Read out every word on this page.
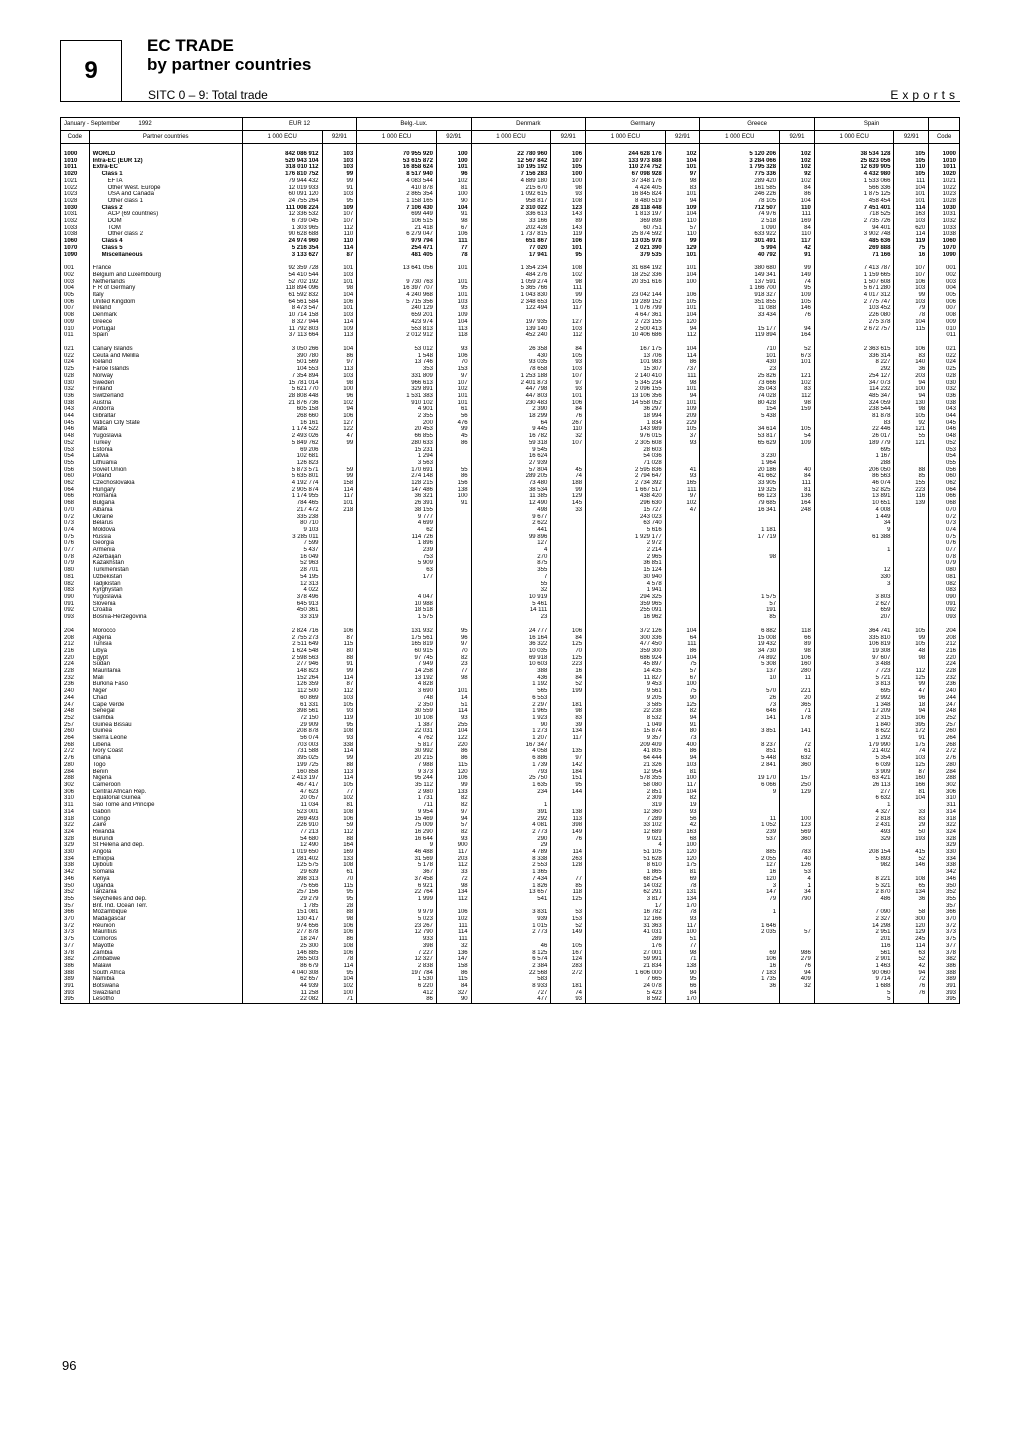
9
EC TRADE
by partner countries
SITC 0 – 9: Total trade	Exports
January - September 1992		EUR 12		Belg.-Lux.		Denmark		Germany		Greece		Spain		
Code	Partner countries	1 000 ECU	92/91	1 000 ECU	92/91	1 000 ECU	92/91	1 000 ECU	92/91	1 000 ECU	92/91	1 000 ECU	92/91	Code

1000	WORLD	842 086 912	103	70 955 920	100	22 780 960	106	244 628 176	102	5 120 206	102	38 534 128	105	1000
1010	Intra-EC (EUR 12)	520 943 104	103	53 615 872	100	12 567 842	107	133 973 888	104	3 284 066	102	25 823 056	105	1010
1011	Extra-EC	318 010 112	103	16 858 624	101	10 195 192	105	110 274 752	101	1 795 328	102	12 639 905	110	1011
1020	Class 1	176 810 752	99	8 517 940	96	7 156 283	100	67 098 928	97	775 336	92	4 432 980	105	1020
1021	EFTA	79 944 432	99	4 083 544	102	4 889 180	100	37 348 176	98	289 420	102	1 533 066	111	1021
1022	Other West. Europe	12 019 933	91	410 878	81	215 670	98	4 424 405	83	161 585	84	566 336	104	1022
1023	USA and Canada	60 091 120	103	2 865 354	100	1 092 615	93	16 845 824	101	246 226	86	1 875 125	101	1023
1028	Other class 1	24 755 264	95	1 158 165	90	958 817	108	8 480 519	94	78 105	104	458 454	101	1028
1030	Class 2	111 008 224	109	7 106 430	104	2 310 022	123	28 118 448	109	712 507	110	7 451 401	114	1030
1031	ACP (69 countries)	12 336 532	107	699 449	91	336 613	143	1 813 197	104	74 976	111	718 525	163	1031
1032	DOM	6 739 045	107	106 515	98	33 166	89	369 898	110	2 518	169	2 735 726	103	1032
1033	TOM	1 303 965	112	21 418	67	202 428	143	60 751	57	1 090	84	94 401	620	1033
1038	Other class 2	90 628 688	110	6 279 047	106	1 737 815	119	25 874 592	110	633 922	110	3 902 748	114	1038
1060	Class 4	24 974 960	110	979 794	111	651 867	106	13 035 978	99	301 491	117	485 636	119	1060
1070	Class 5	5 216 354	114	254 471	77	77 020	101	2 021 390	129	5 994	42	269 888	75	1070
1090	Miscellaneous	3 133 627	87	481 405	78	17 941	95	379 535	101	40 792	91	71 166	16	1090

001	France	92 359 728	101	13 641 056	101	1 354 234	108	31 684 192	101	380 680	99	7 413 787	107	001
002	Belgium and Luxembourg	54 410 544	103			484 276	102	18 252 336	104	149 341	149	1 159 665	107	002
003	Netherlands	52 702 192	101	9 730 763	101	1 059 274	98	20 351 616	100	137 591	74	1 507 608	106	003
004	F R of Germany	118 894 096	98	16 397 707	95	5 365 766	111			1 166 700	95	5 671 280	103	004
005	Italy	61 592 832	104	4 240 968	101	1 043 830	99	23 042 144	106	918 327	109	4 017 312	99	005
006	United Kingdom	64 561 584	106	5 715 356	103	2 348 653	105	19 289 152	105	351 855	105	2 775 747	103	006
007	Ireland	8 473 547	101	240 129	93	122 494	117	1 076 799	101	11 088	146	103 452	79	007
008	Denmark	10 714 158	103	659 201	109			4 647 361	104	33 434	76	226 080	78	008
009	Greece	8 327 944	114	423 974	104	197 935	127	2 723 155	120			275 378	104	009
010	Portugal	11 792 803	109	553 813	113	139 140	103	2 500 413	94	15 177	94	2 672 757	115	010
011	Spain	37 113 664	113	2 012 912	118	452 240	112	10 406 686	112	119 894	164			011

021	Canary Islands	3 050 266	104	53 012	93	26 358	84	167 175	104	710	52	2 363 615	106	021
022	Ceuta and Melilla	390 780	86	1 548	106	430	105	13 706	114	101	673	336 314	83	022
024	Iceland	501 569	97	13 746	70	93 035	93	101 983	86	430	101	8 227	140	024
025	Faroe Islands	104 553	113	353	153	78 658	103	15 307	737	23		292	36	025
028	Norway	7 354 894	103	331 809	97	1 253 188	107	2 140 410	111	25 826	121	254 127	203	028
030	Sweden	15 781 014	98	966 613	107	2 401 873	97	5 345 234	98	73 666	102	347 073	94	030
032	Finland	5 621 770	100	329 891	102	447 798	93	2 096 155	101	35 043	83	114 232	100	032
036	Switzerland	28 808 448	96	1 531 383	101	447 803	101	13 106 356	94	74 028	112	485 347	94	036
038	Austria	21 876 736	102	910 102	101	230 483	106	14 558 052	101	80 428	98	324 059	130	038
043	Andorra	605 158	94	4 901	61	2 390	84	36 297	109	154	159	238 544	98	043
044	Gibraltar	268 660	106	2 355	56	18 299	76	18 994	209	5 438		81 878	105	044
045	Vatican City State	16 161	127	200	476	64	267	1 834	229			83	92	045
046	Malta	1 174 522	122	20 453	99	9 445	110	143 989	105	34 614	105	22 446	121	046
048	Yugoslavia	2 493 026	47	66 855	45	16 782	32	976 015	37	53 817	54	26 017	55	048
052	Turkey	5 849 762	99	280 633	86	59 318	107	2 305 608	93	65 629	109	189 779	121	052
053	Estonia	69 206		15 231		9 545		28 603				695		053
054	Latvia	102 681		1 294		16 624		54 036		3 230		1 167		054
055	Lithuania	126 823		3 563		27 939		71 028		1 964		288		055
056	Soviet Union	5 873 571	59	170 691	55	57 804	45	2 595 836	41	20 186	40	206 050	88	056
060	Poland	5 635 801	99	274 148	86	289 205	74	2 794 647	93	41 662	84	86 563	85	060
062	Czechoslovakia	4 192 774	158	128 215	156	73 480	188	2 734 392	165	33 905	111	46 074	155	062
064	Hungary	2 905 874	114	147 486	138	38 534	99	1 667 517	111	19 325	81	52 825	223	064
066	Romania	1 174 955	117	36 321	100	11 385	129	438 420	97	66 123	136	13 891	116	066
068	Bulgaria	784 465	101	26 391	91	12 490	145	296 630	102	79 685	164	10 651	139	068
070	Albania	217 472	218	38 155		498	33	15 727	47	16 341	248	4 008		070
072	Ukraine	335 238		9 777		9 677		243 023				1 449		072
073	Belarus	80 710		4 699		2 622		63 740				34		073
074	Moldova	9 103		62		441		5 616		1 181		9		074
075	Russia	3 285 011		114 726		99 896		1 929 177		17 719		61 388		075
076	Georgia	7 599		1 896		127		2 972						076
077	Armenia	5 437		239		4		2 214				1		077
078	Azerbaijan	16 049		753		270		2 965		98				078
079	Kazakhstan	52 963		5 909		875		36 851						079
080	Turkmenistan	28 701		63		355		15 124				12		080
081	Uzbekistan	54 195		177		7		30 940				330		081
082	Tadjikistan	12 313				55		4 578				3		082
083	Kyrghystan	4 022				32		1 941						083
090	Yugoslavia	378 496		4 047		10 919		294 325		1 575		3 803		090
091	Slovenia	645 913		10 988		5 461		359 965		57		2 627		091
092	Croatia	450 361		18 518		14 111		255 091		191		659		092
093	Bosnia-Herzegovina	33 319		1 575		23		16 962		85		207		093

204	Morocco	2 824 716	106	131 932	95	24 777	106	372 126	104	6 882	118	364 741	105	204
208	Algeria	2 755 273	87	175 561	96	16 164	84	300 336	64	15 008	66	335 810	99	208
212	Tunisia	2 511 649	115	165 819	97	36 322	125	477 450	111	19 432	89	106 819	105	212
216	Libya	1 624 548	80	60 915	70	10 035	70	359 300	86	34 730	98	19 308	48	216
220	Egypt	2 598 563	88	97 745	82	69 918	125	686 924	104	74 892	106	97 607	98	220
224	Sudan	277 946	91	7 949	23	10 603	223	45 897	75	5 308	160	3 488		224
228	Mauritania	148 823	99	14 258	77	388	16	14 435	57	137	280	7 723	112	228
232	Mali	152 264	114	13 192	98	436	84	11 827	67	10	11	5 721	125	232
236	Burkina Faso	126 359	87	4 828		1 192	52	9 453	100			3 813	99	236
240	Niger	112 500	112	3 690	101	565	199	9 561	75	570	221	695	47	240
244	Chad	60 869	103	748	14	6 553		9 205	90	26	20	2 992	96	244
247	Cape Verde	61 331	105	2 350	51	2 297	181	3 585	125	73	365	1 348	18	247
248	Senegal	398 561	93	30 559	114	1 965	98	22 238	82	646	71	17 209	94	248
252	Gambia	72 150	119	10 108	93	1 923	83	8 532	94	141	178	2 315	106	252
257	Guinea Bissau	29 909	95	1 387	255	90	39	1 049	91			1 840	395	257
260	Guinea	208 878	108	22 031	104	1 273	134	15 874	80	3 851	141	8 622	172	260
264	Sierra Leone	56 074	93	4 762	122	1 207	117	9 357	73			1 292	91	264
268	Liberia	703 003	338	5 817	220	167 347		209 409	400	8 237	72	179 990	175	268
272	Ivory Coast	731 588	114	30 992	86	4 058	135	41 805	86	851	61	21 402	74	272
276	Ghana	395 025	99	20 215	86	6 886	97	64 444	94	5 448	632	5 354	103	276
280	Togo	199 725	88	7 988	115	1 739	142	21 326	103	2 841	360	6 039	125	280
284	Benin	160 858	113	9 373	120	793	184	12 954	81			3 909	87	284
288	Nigeria	2 413 197	114	95 244	106	25 750	151	578 355	100	19 170	157	63 421	160	288
302	Cameroon	467 417	105	35 112	99	1 635	95	58 080	117	6 066	250	26 113	166	302
306	Central African Rep.	47 623	77	2 980	133	234	144	2 851	104	9	129	277	81	306
310	Equatorial Guinea	20 057	102	1 731	82			2 309	82			6 632	104	310
311	São Tomé and Principe	11 034	81	711	82	1		319	19			1		311
314	Gabon	523 001	108	9 954	97	391	138	12 360	93			4 327	33	314
318	Congo	269 493	106	15 469	94	292	113	7 289	56	11	100	2 818	83	318
322	Zaire	226 910	59	75 009	57	4 081	398	33 102	42	1 052	123	2 431	29	322
324	Rwanda	77 213	112	16 290	82	2 773	149	12 689	163	239	569	493	50	324
328	Burundi	54 680	88	16 644	93	290	76	9 021	68	537	360	329	193	328
329	St Helena and dep.	12 490	164	9	900	29		4	100					329
330	Angola	1 019 650	169	46 488	117	4 789	114	51 105	120	885	783	208 154	415	330
334	Ethiopia	281 402	133	31 569	203	8 338	263	51 628	120	2 055	40	5 893	52	334
338	Djibouti	125 575	108	5 178	112	2 553	128	8 610	175	127	126	982	146	338
342	Somalia	29 639	61	367	33	1 365		1 865	81	16	53			342
346	Kenya	398 313	70	37 458	72	7 434	77	68 254	69	120	4	8 221	108	346
350	Uganda	75 656	115	6 921	98	1 826	85	14 032	78	3	1	5 321	65	350
352	Tanzania	257 156	95	22 764	134	13 657	118	62 291	131	147	34	2 870	134	352
355	Seychelles and dep.	29 279	95	1 999	112	541	125	3 817	134	79	790	486	36	355
357	Brit. Ind. Ocean Terr.	1 785	28					17	170					357
366	Mozambique	151 081	88	9 979	106	3 831	53	16 782	78	1		7 090	58	366
370	Madagascar	130 417	98	5 023	102	939	153	12 166	93			2 327	300	370
372	Réunion	974 656	106	23 267	111	1 015	52	31 363	117	1 646		14 298	120	372
373	Mauritius	277 878	106	12 790	114	2 773	149	41 031	100	2 035	57	2 951	129	373
375	Comoros	18 247	86	933	111			289	51			201	245	375
377	Mayotte	25 300	108	398	32	46	105	176	77			116	114	377
378	Zambia	146 885	106	7 227	136	8 125	167	27 001	98	69	986	561	63	378
382	Zimbabwe	265 503	78	12 327	147	6 574	124	59 991	71	106	279	2 901	52	382
386	Malawi	86 679	114	2 838	158	2 384	283	21 834	138	16	76	1 463	42	386
388	South Africa	4 040 308	95	197 784	86	22 568	272	1 606 000	90	7 183	94	90 060	94	388
389	Namibia	62 657	104	1 530	115	583		7 665	95	1 735	409	9 714	72	389
391	Botswana	44 939	102	6 220	84	8 933	181	24 078	66	36	32	1 688	76	391
393	Swaziland	11 258	100	412	327	727	74	5 423	84			5	76	393
395	Lesotho	22 082	71	86	90	477	93	8 592	170			5		395
96
